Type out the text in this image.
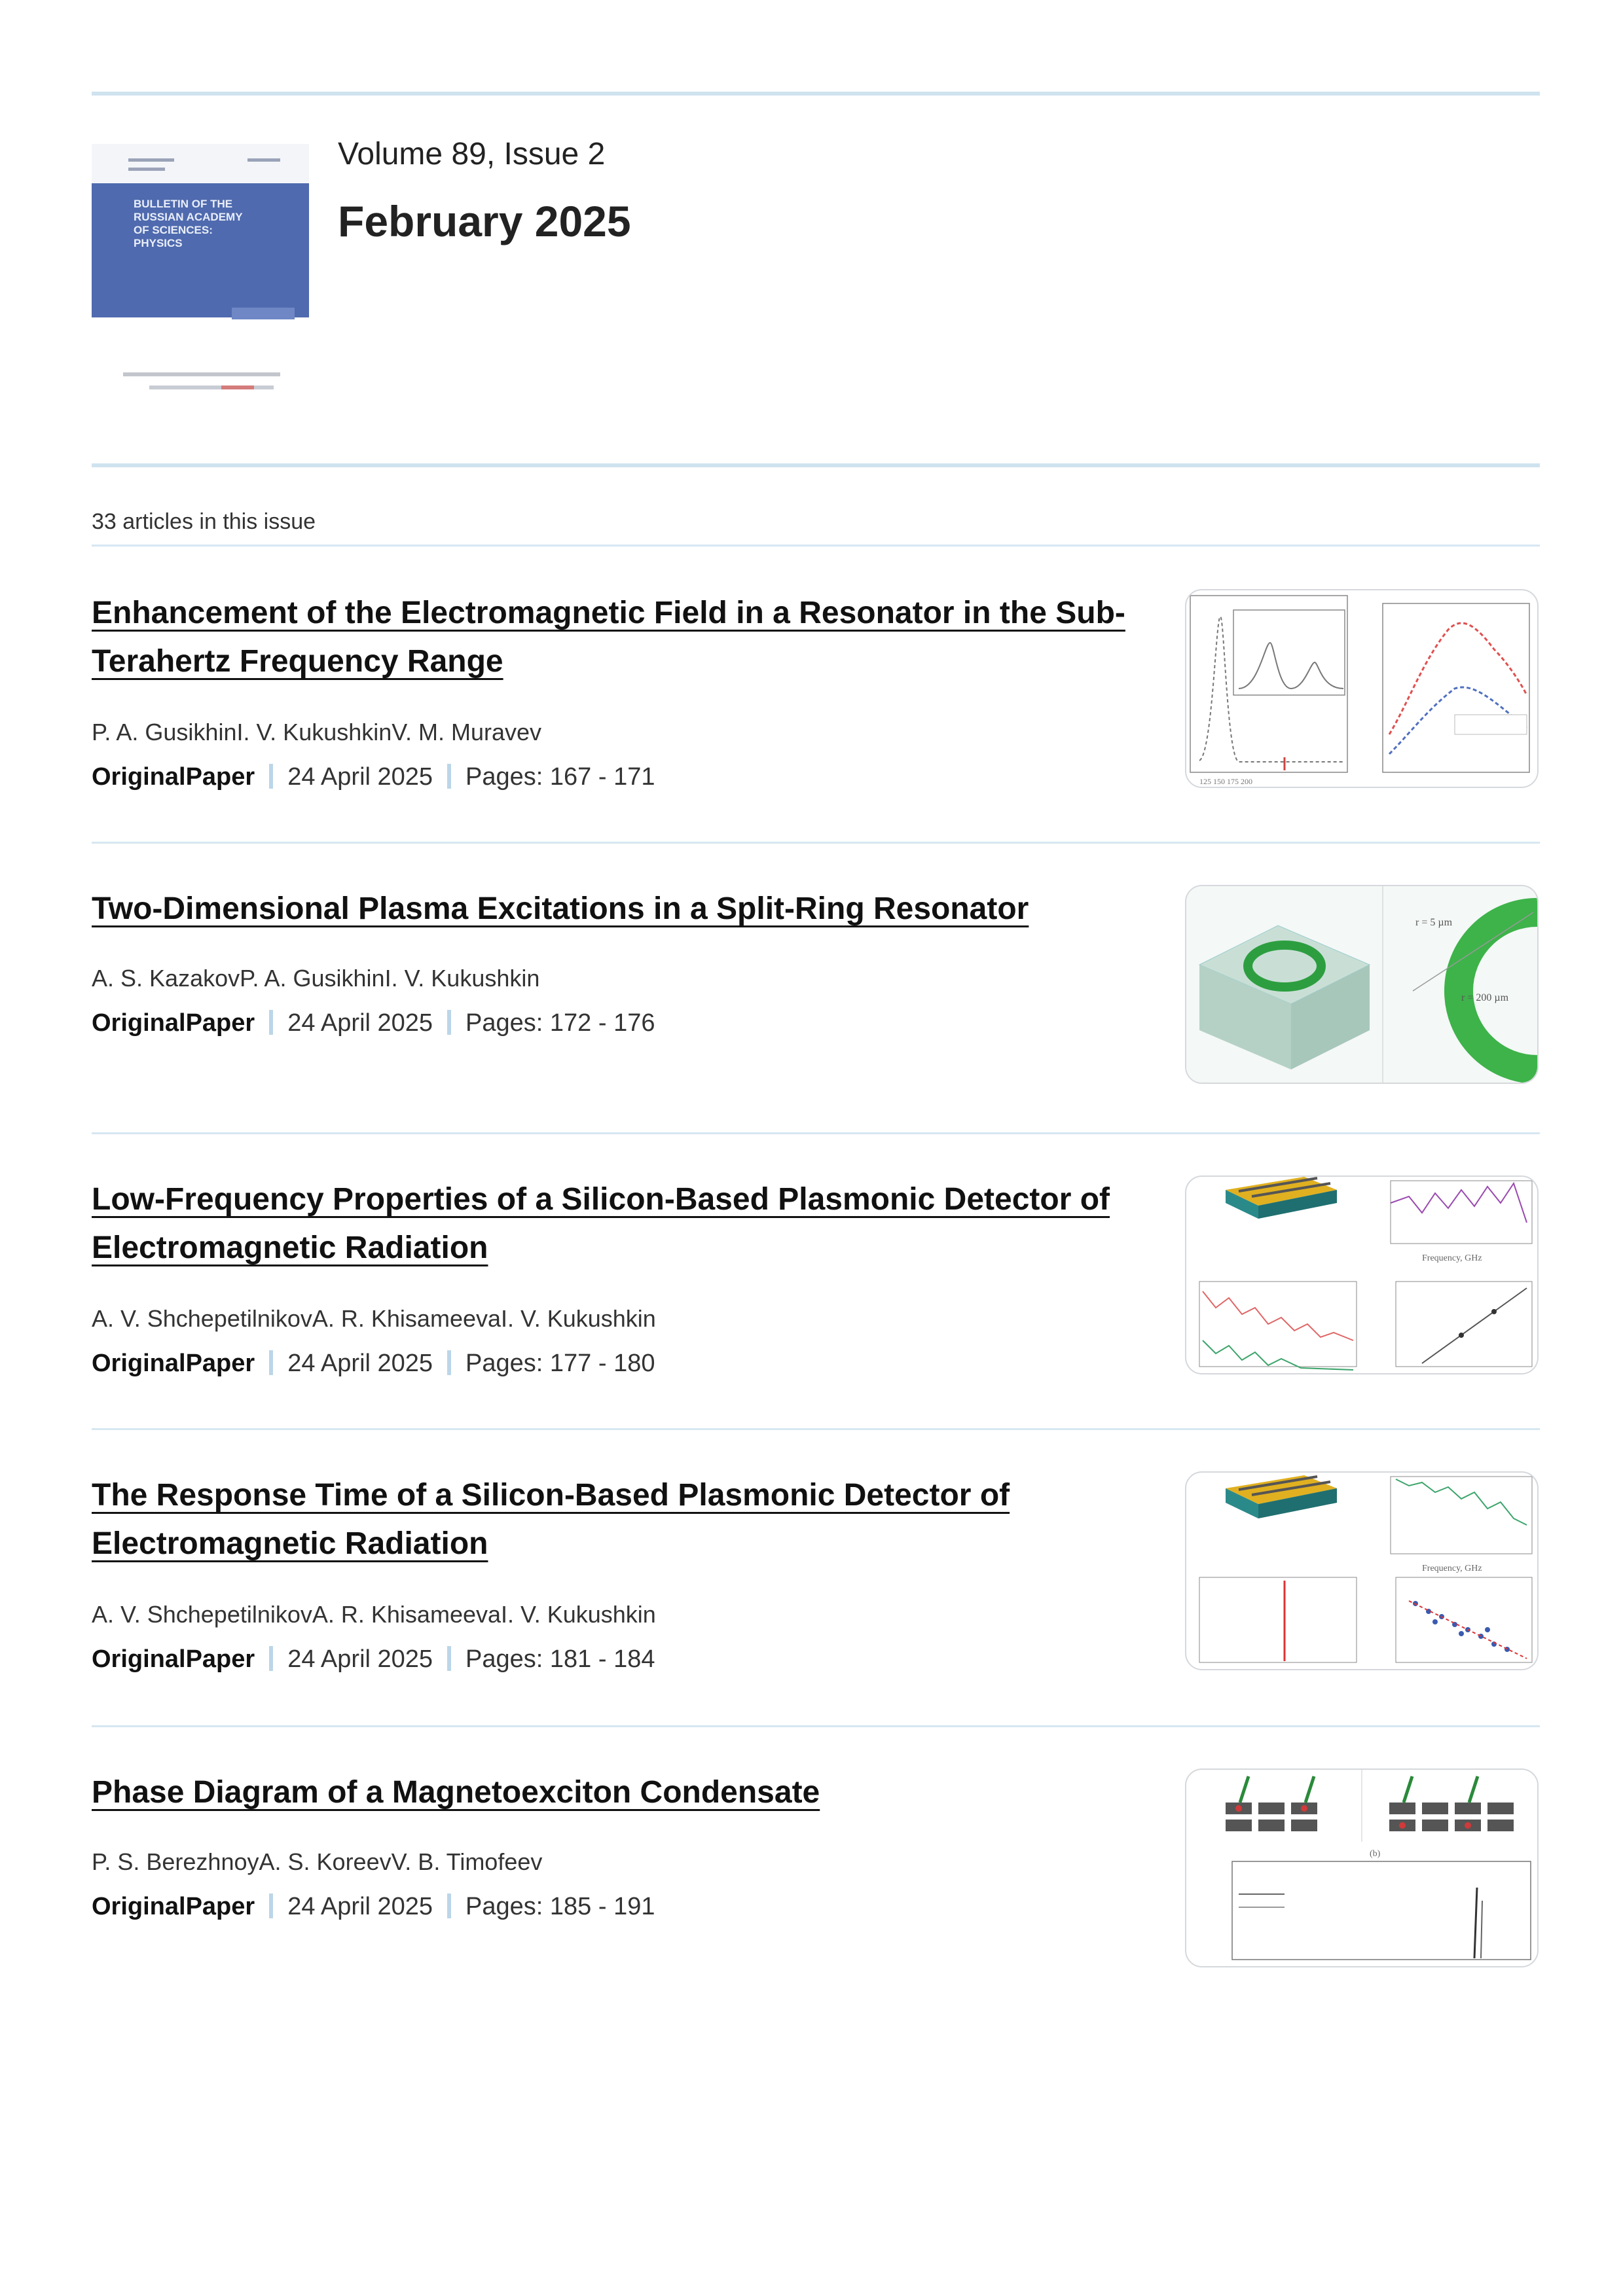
BULLETIN OF THE RUSSIAN ACADEMY OF SCIENCES: PHYSICS
Volume 89, Issue 2
February 2025
33 articles in this issue
Enhancement of the Electromagnetic Field in a Resonator in the Sub-Terahertz Frequency Range
P. A. GusikhinI. V. KukushkinV. M. Muravev
OriginalPaper 24 April 2025 Pages: 167 - 171	125 150 175 200
Two-Dimensional Plasma Excitations in a Split-Ring Resonator
A. S. KazakovP. A. GusikhinI. V. Kukushkin
OriginalPaper 24 April 2025 Pages: 172 - 176
r = 5 µm
r = 200 µm
Low-Frequency Properties of a Silicon-Based Plasmonic Detector of Electromagnetic Radiation
A. V. ShchepetilnikovA. R. KhisameevaI. V. Kukushkin
OriginalPaper 24 April 2025 Pages: 177 - 180
Frequency, GHz
The Response Time of a Silicon-Based Plasmonic Detector of Electromagnetic Radiation
A. V. ShchepetilnikovA. R. KhisameevaI. V. Kukushkin
OriginalPaper 24 April 2025 Pages: 181 - 184
Frequency, GHz
Phase Diagram of a Magnetoexciton Condensate
P. S. BerezhnoyA. S. KoreevV. B. Timofeev
OriginalPaper 24 April 2025 Pages: 185 - 191
(b)
